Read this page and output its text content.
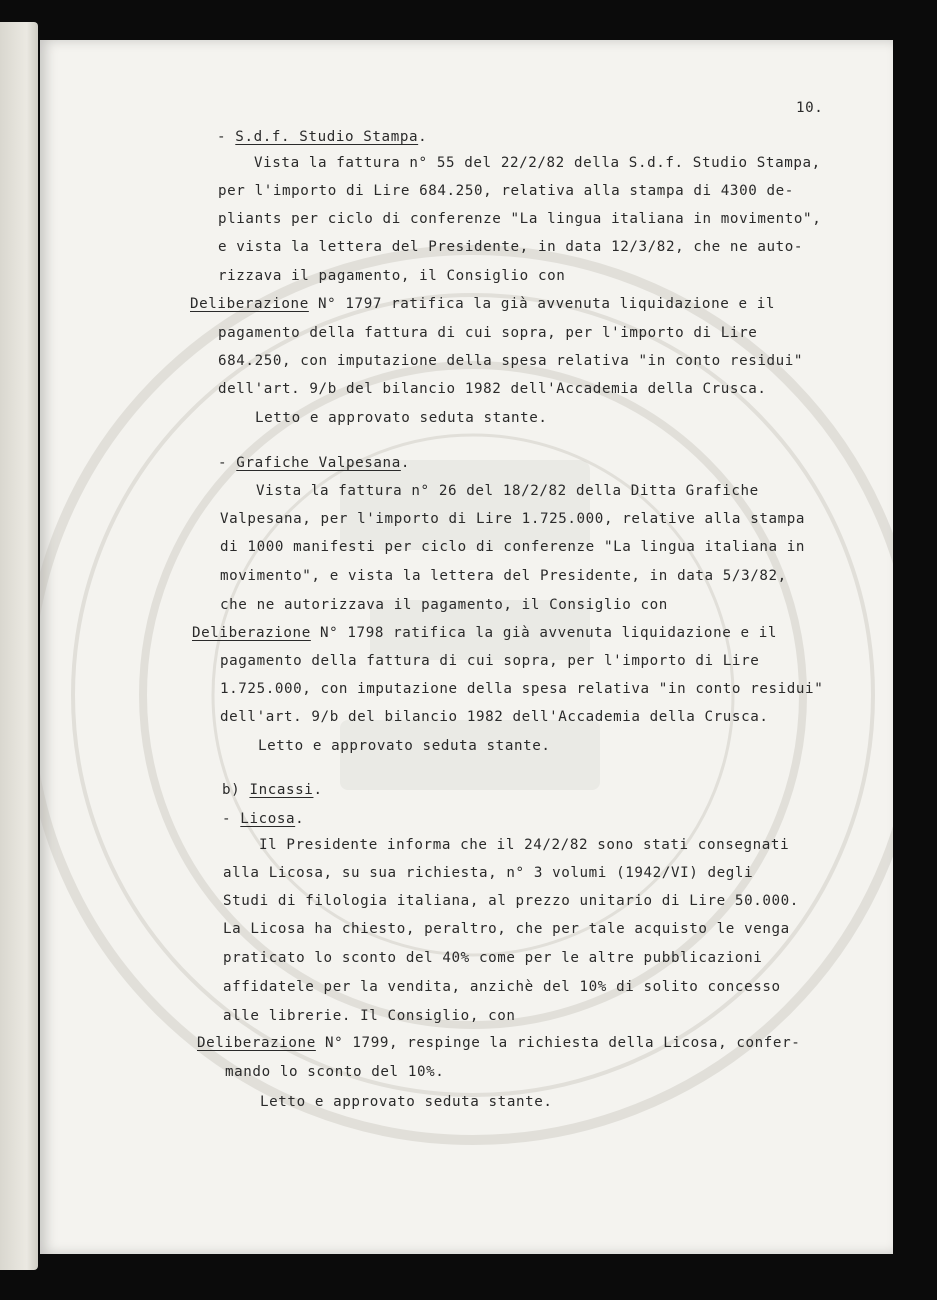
10.
- S.d.f. Studio Stampa.
Vista la fattura n° 55 del 22/2/82 della S.d.f. Studio Stampa,
per l'importo di Lire 684.250, relativa alla stampa di 4300 de-
pliants per ciclo di conferenze "La lingua italiana in movimento",
e vista la lettera del Presidente, in data 12/3/82, che ne auto-
rizzava il pagamento, il Consiglio con
Deliberazione N° 1797 ratifica la già avvenuta liquidazione e il
pagamento della fattura di cui sopra, per l'importo di Lire
684.250, con imputazione della spesa relativa "in conto residui"
dell'art. 9/b del bilancio 1982 dell'Accademia della Crusca.
Letto e approvato seduta stante.
- Grafiche Valpesana.
Vista la fattura n° 26 del 18/2/82 della Ditta Grafiche
Valpesana, per l'importo di Lire 1.725.000, relative alla stampa
di 1000 manifesti per ciclo di conferenze "La lingua italiana in
movimento", e vista la lettera del Presidente, in data 5/3/82,
che ne autorizzava il pagamento, il Consiglio con
Deliberazione N° 1798 ratifica la già avvenuta liquidazione e il
pagamento della fattura di cui sopra, per l'importo di Lire
1.725.000, con imputazione della spesa relativa "in conto residui"
dell'art. 9/b del bilancio 1982 dell'Accademia della Crusca.
Letto e approvato seduta stante.
b) Incassi.
- Licosa.
Il Presidente informa che il 24/2/82 sono stati consegnati
alla Licosa, su sua richiesta, n° 3 volumi (1942/VI) degli
Studi di filologia italiana, al prezzo unitario di Lire 50.000.
La Licosa ha chiesto, peraltro, che per tale acquisto le venga
praticato lo sconto del 40% come per le altre pubblicazioni
affidatele per la vendita, anzichè del 10% di solito concesso
alle librerie. Il Consiglio, con
Deliberazione N° 1799, respinge la richiesta della Licosa, confer-
mando lo sconto del 10%.
Letto e approvato seduta stante.
